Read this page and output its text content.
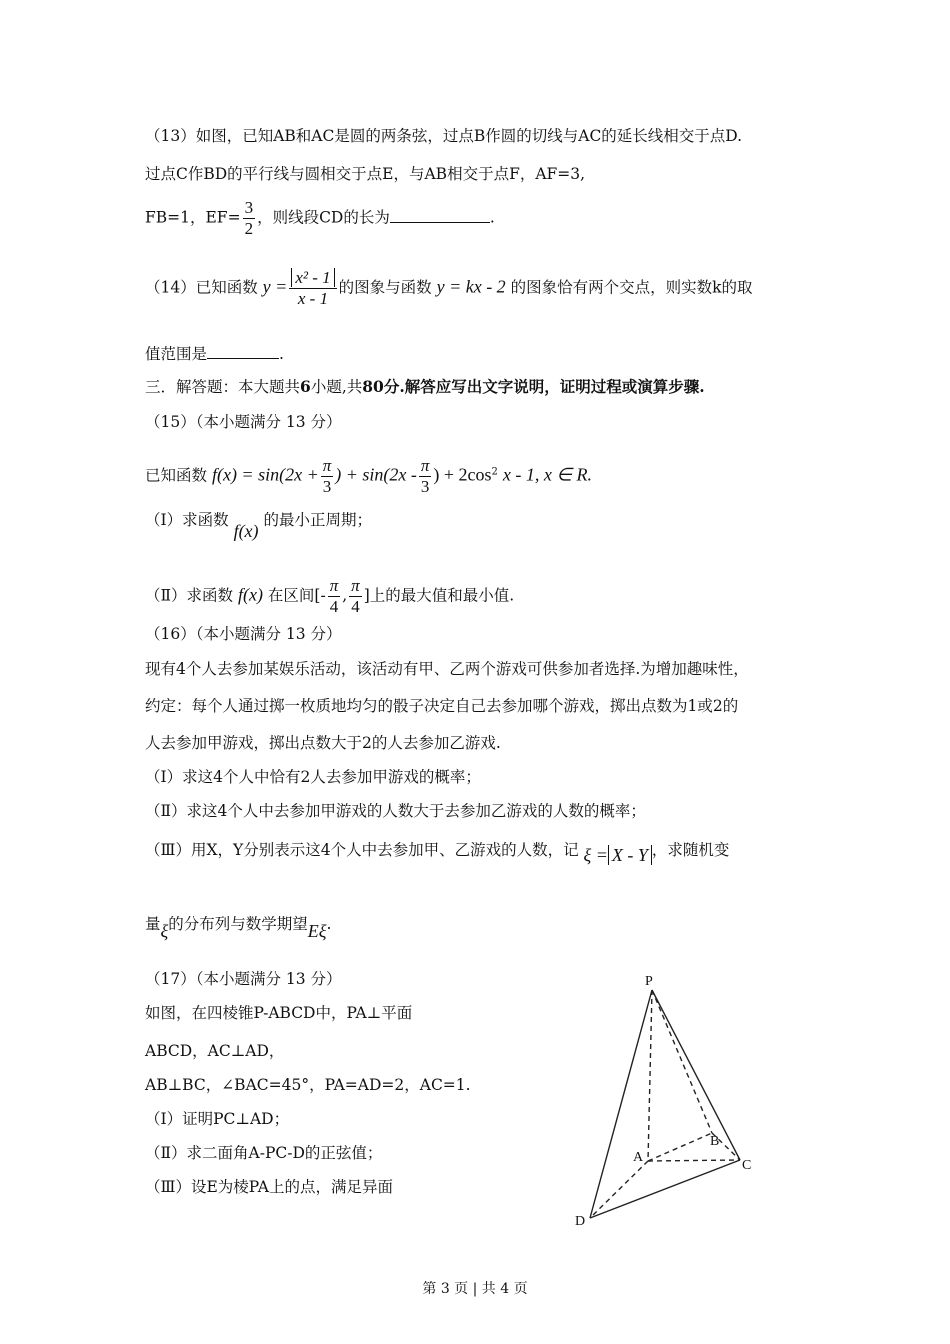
（13）如图，已知AB和AC是圆的两条弦，过点B作圆的切线与AC的延长线相交于点D.
过点C作BD的平行线与圆相交于点E，与AB相交于点F，AF=3,
FB=1，$EF= \frac{3}{2}$ ，则线段CD的长为	.
（14）已知函数 $y = \frac{\text{x² - 1}}{x - 1}$ 的图象与函数 y = kx - 2 的图象恰有两个交点，则实数k的取
值范围是	.
三．解答题：本大题共6小题,共80分.解答应写出文字说明，证明过程或演算步骤.
（15）（本小题满分 13 分）
已知函数 $f(x) = \sin(2x + \frac{\pi}{3}$ ) + $\sin(2x - \frac{\pi}{3}$ ) + $2\cos^2$ x - 1, x ∈ R.
（Ⅰ）求函数 f(x) 的最小正周期；
（Ⅱ）求函数 f(x) 在区间[- $\frac{\pi}{4}$ , $\frac{\pi}{4}$ ]上的最大值和最小值.
（16）（本小题满分 13 分）
现有4个人去参加某娱乐活动，该活动有甲、乙两个游戏可供参加者选择.为增加趣味性，
约定：每个人通过掷一枚质地均匀的骰子决定自己去参加哪个游戏，掷出点数为1或2的
人去参加甲游戏，掷出点数大于2的人去参加乙游戏.
（Ⅰ）求这4个人中恰有2人去参加甲游戏的概率；
（Ⅱ）求这4个人中去参加甲游戏的人数大于去参加乙游戏的人数的概率；
（Ⅲ）用X，Y分别表示这4个人中去参加甲、乙游戏的人数，记 ξ = X - Y ，求随机变
量ξ的分布列与数学期望Eξ.
（17）（本小题满分 13 分）
如图，在四棱锥P-ABCD中，PA⊥平面
ABCD，AC⊥AD，
AB⊥BC，∠BAC=45°，PA=AD=2，AC=1.
（Ⅰ）证明PC⊥AD；
（Ⅱ）求二面角A-PC-D的正弦值；
（Ⅲ）设E为棱PA上的点，满足异面
P
A
B
C
D
第 3 页 | 共 4 页
